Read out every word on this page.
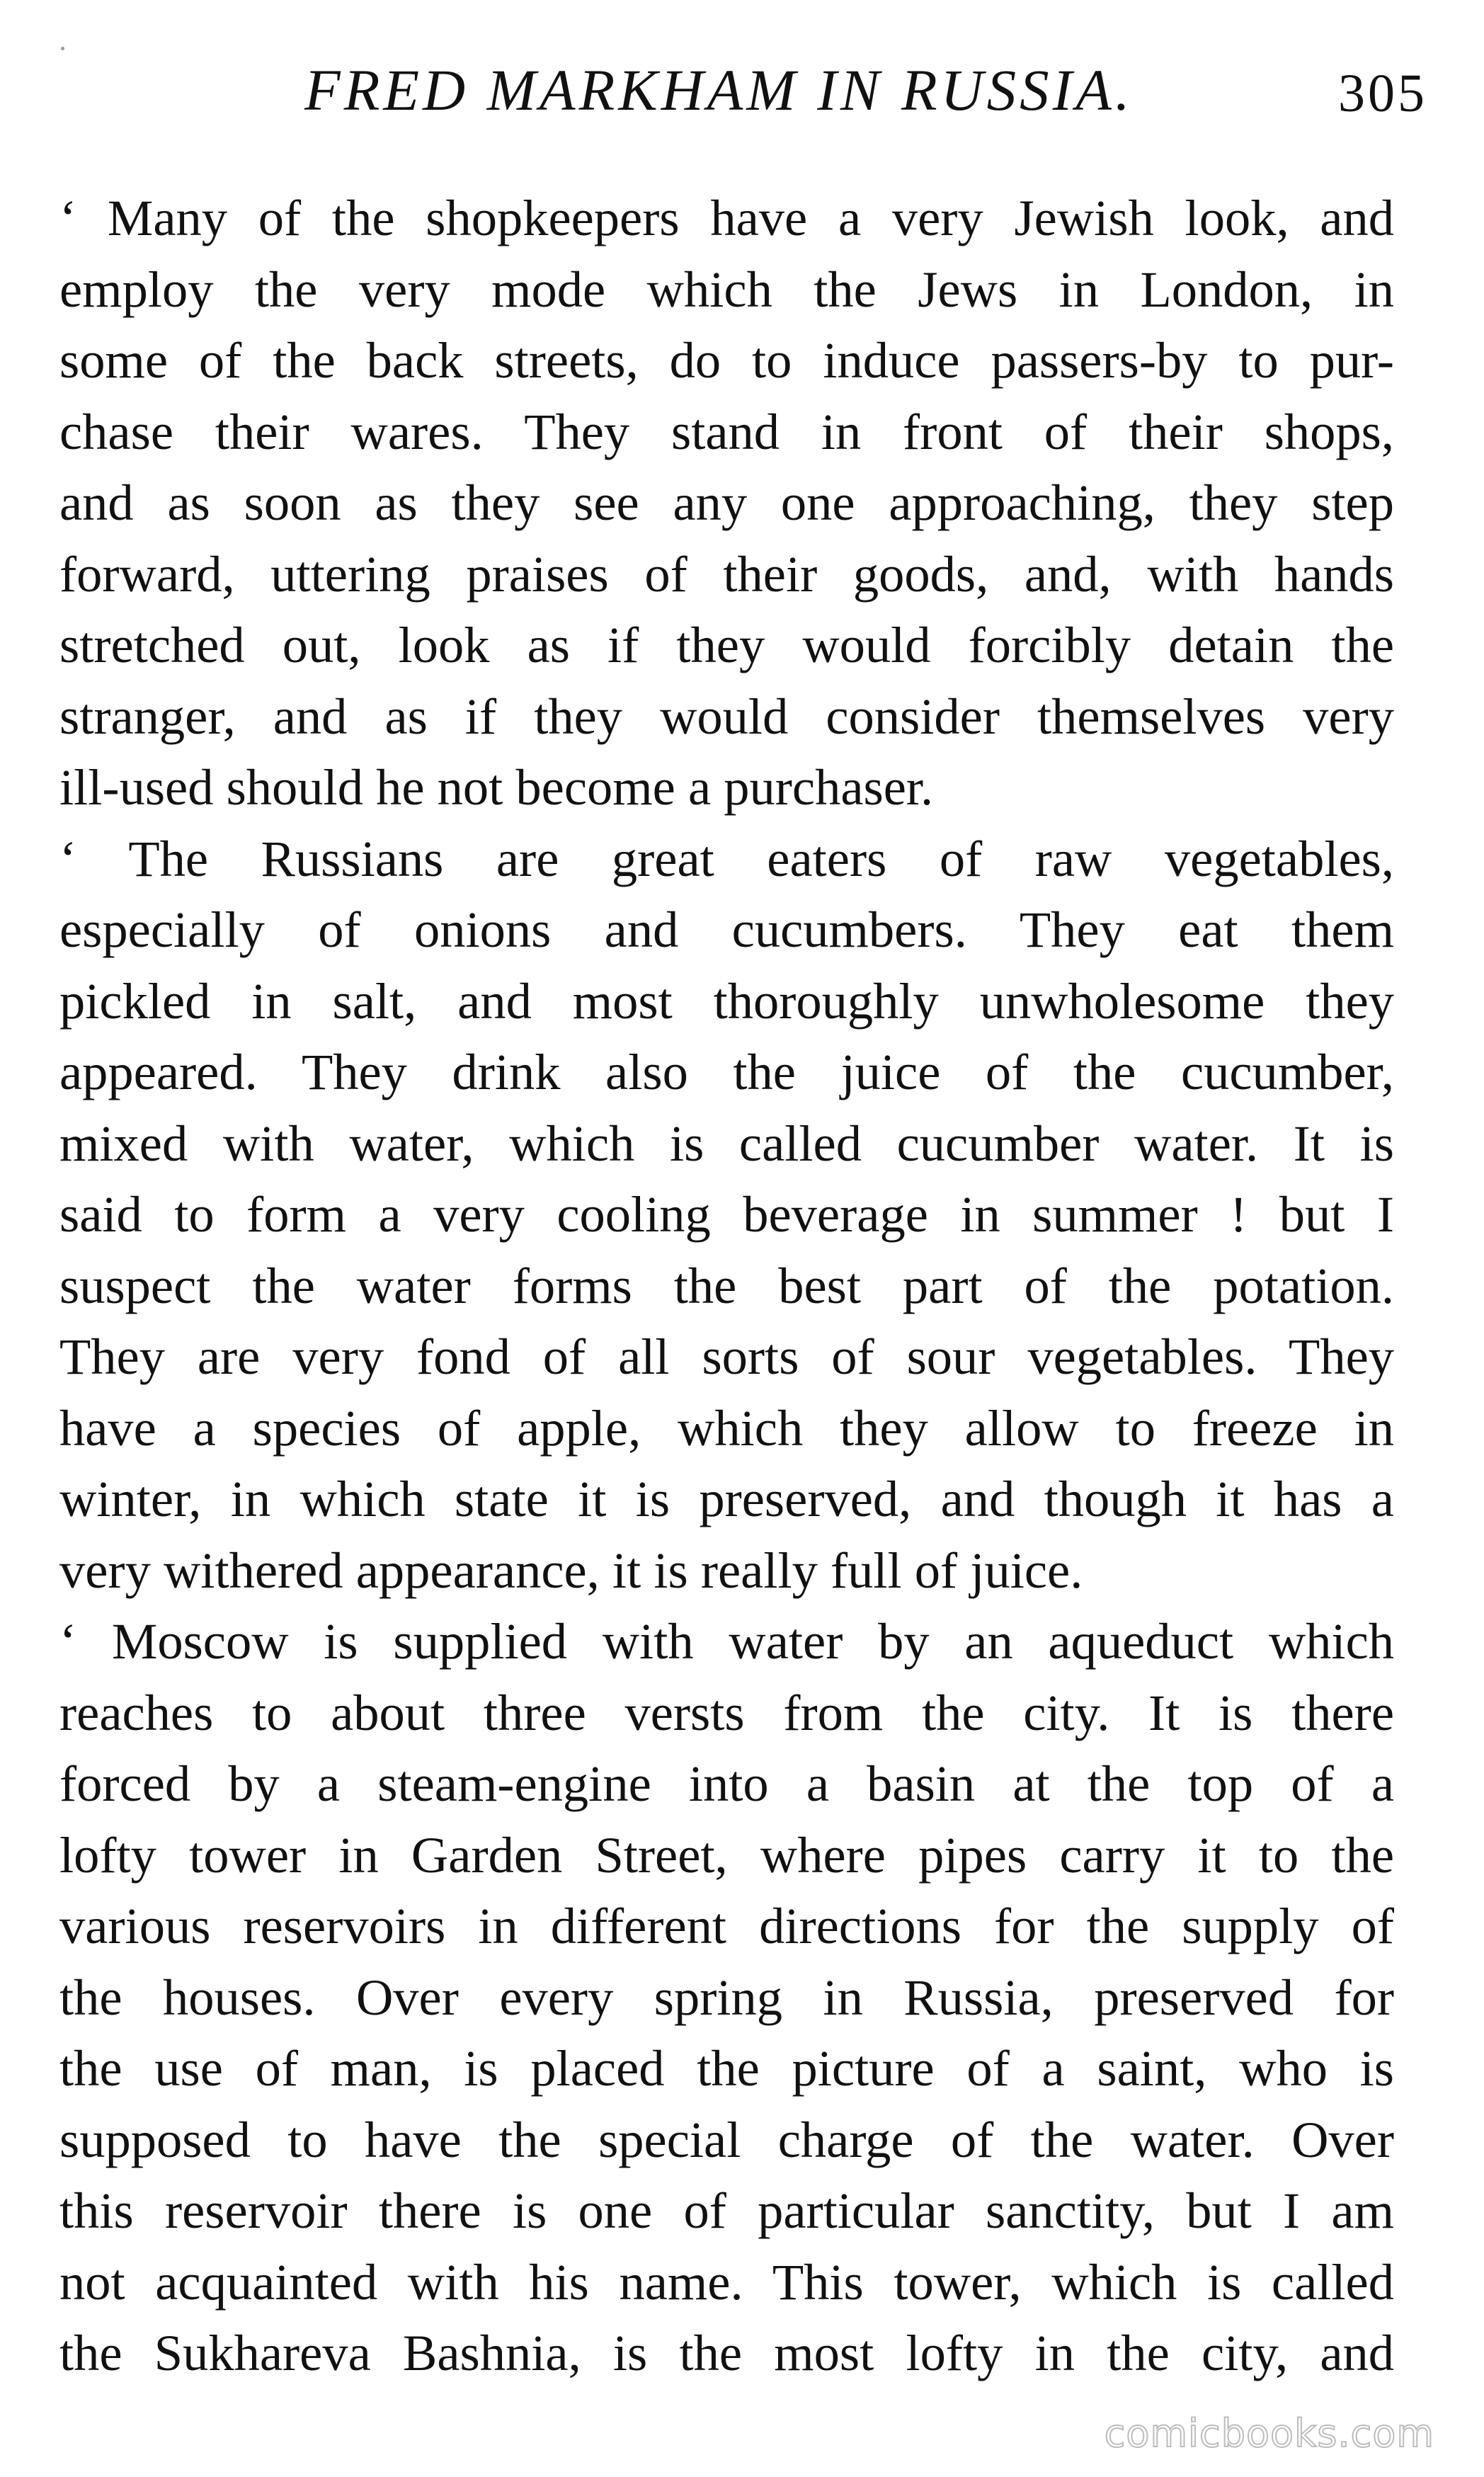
FRED MARKHAM IN RUSSIA.	305
‘ Many of the shopkeepers have a very Jewish look, and
employ the very mode which the Jews in London, in
some of the back streets, do to induce passers-by to pur-
chase their wares. They stand in front of their shops,
and as soon as they see any one approaching, they step
forward, uttering praises of their goods, and, with hands
stretched out, look as if they would forcibly detain the
stranger, and as if they would consider themselves very
ill-used should he not become a purchaser.
‘ The Russians are great eaters of raw vegetables,
especially of onions and cucumbers. They eat them
pickled in salt, and most thoroughly unwholesome they
appeared. They drink also the juice of the cucumber,
mixed with water, which is called cucumber water. It is
said to form a very cooling beverage in summer ! but I
suspect the water forms the best part of the potation.
They are very fond of all sorts of sour vegetables. They
have a species of apple, which they allow to freeze in
winter, in which state it is preserved, and though it has a
very withered appearance, it is really full of juice.
‘ Moscow is supplied with water by an aqueduct which
reaches to about three versts from the city. It is there
forced by a steam-engine into a basin at the top of a
lofty tower in Garden Street, where pipes carry it to the
various reservoirs in different directions for the supply of
the houses. Over every spring in Russia, preserved for
the use of man, is placed the picture of a saint, who is
supposed to have the special charge of the water. Over
this reservoir there is one of particular sanctity, but I am
not acquainted with his name. This tower, which is called
the Sukhareva Bashnia, is the most lofty in the city, and
comicbooks.com
